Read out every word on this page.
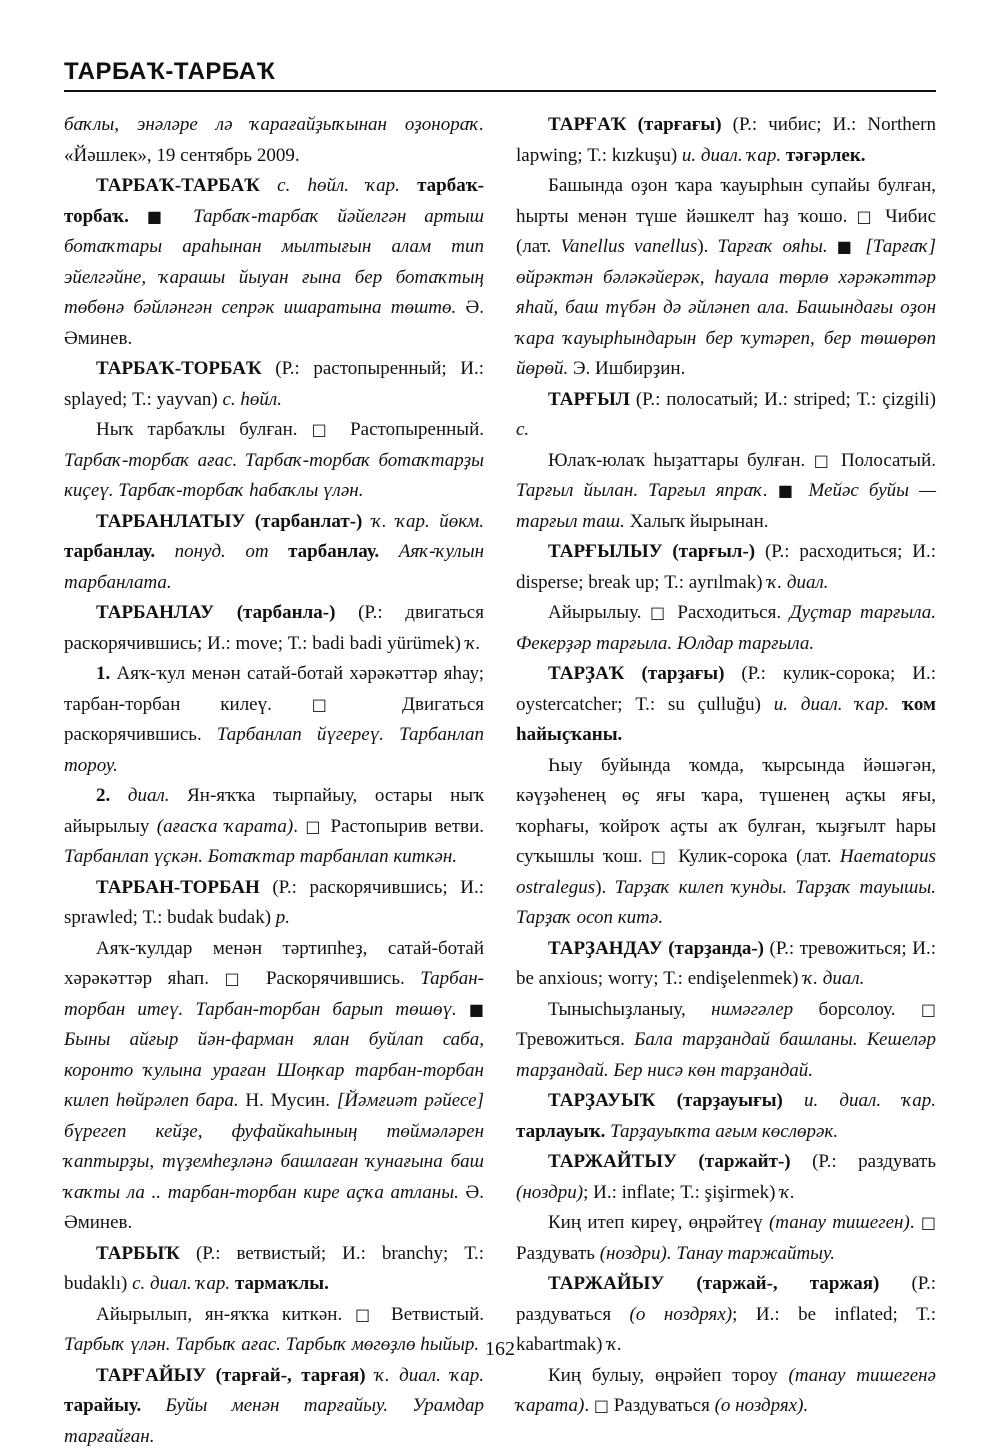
ТАРБАҠ-ТАРБАҠ

баҡлы, энәләре лә ҡарағайҙыҡынан оҙонораҡ. «Йәшлек», 19 сентябрь 2009.

ТАРБАҠ-ТАРБАҠ с. һөйл. ҡар. тарбаҡ-торбаҡ. ■ Тарбаҡ-тарбаҡ йәйелгән артыш ботаҡтары араһынан мылтығын алам тип эйелгәйне, ҡарашы йыуан ғына бер ботаҡтың төбөнә бәйләнгән сепрәк ишаратына төштө. Ә. Әминев.

ТАРБАҠ-ТОРБАҠ (Р.: растопыренный; И.: splayed; Т.: yayvan) с. һөйл.

Ныҡ тарбаҡлы булған. □ Растопыренный. Тарбаҡ-торбаҡ ағас. Тарбаҡ-торбаҡ ботаҡтарҙы киҫеү. Тарбаҡ-торбаҡ һабаҡлы үлән.

ТАРБАНЛАТЫУ (тарбанлат-) ҡ. ҡар. йөкм. тарбанлау. понуд. от тарбанлау. Аяҡ-ҡулын тарбанлата.

ТАРБАНЛАУ (тарбанла-) (Р.: двигаться раскорячившись; И.: move; Т.: badi badi yürümek) ҡ.

1. Аяҡ-ҡул менән сатай-ботай хәрәкәттәр яһау; тарбан-торбан килеү. □ Двигаться раскорячившись. Тарбанлап йүгереү. Тарбанлап тороу.

2. диал. Ян-яҡҡа тырпайыу, остары ныҡ айырылыу (ағасҡа ҡарата). □ Растопырив ветви. Тарбанлап үҫкән. Ботаҡтар тарбанлап киткән.

ТАРБАН-ТОРБАН (Р.: раскорячившись; И.: sprawled; Т.: budak budak) р.

Аяҡ-ҡулдар менән тәртипһеҙ, сатай-ботай хәрәкәттәр яһап. □ Раскорячившись. Тарбан-торбан итеү. Тарбан-торбан барып төшөү. ■ Быны айғыр йән-фарман ялан буйлап саба, коронто ҡулына ураған Шоңҡар тарбан-торбан килеп һөйрәлеп бара. Н. Мусин. [Йәмғиәт рәйесе] бүрегеп кейҙе, фуфайкаһының төймәләрен ҡаптырҙы, түҙемһеҙләнә башлаған ҡунағына баш ҡаҡты ла .. тарбан-торбан кире аҫҡа атланы. Ә. Әминев.

ТАРБЫҠ (Р.: ветвистый; И.: branchy; Т.: budaklı) с. диал. ҡар. тармаҡлы.

Айырылып, ян-яҡҡа киткән. □ Ветвистый. Тарбыҡ үлән. Тарбыҡ ағас. Тарбыҡ мөгөҙлө һыйыр.

ТАРҒАЙЫУ (тарғай-, тарғая) ҡ. диал. ҡар. тарайыу. Буйы менән тарғайыу. Урамдар тарғайған.

ТАРҒАҠ (тарғағы) (Р.: чибис; И.: Northern lapwing; Т.: kızkuşu) и. диал. ҡар. тәгәрлек.

Башында оҙон ҡара ҡауырһын супайы булған, һырты менән түше йәшкелт һаҙ ҡошо. □ Чибис (лат. Vanellus vanellus). Тарғаҡ ояһы. ■ [Тарғаҡ] өйрәктән бәләкәйерәк, һауала төрлө хәрәкәттәр яһай, баш түбән дә әйләнеп ала. Башындағы оҙон ҡара ҡауырһындарын бер ҡутәреп, бер төшөрөп йөрөй. Э. Ишбирҙин.

ТАРҒЫЛ (Р.: полосатый; И.: striped; Т.: çizgili) с.

Юлаҡ-юлаҡ һыҙаттары булған. □ Полосатый. Тарғыл йылан. Тарғыл япраҡ. ■ Мейәс буйы — тарғыл таш. Халыҡ йырынан.

ТАРҒЫЛЫУ (тарғыл-) (Р.: расходиться; И.: disperse; break up; Т.: ayrılmak) ҡ. диал.

Айырылыу. □ Расходиться. Дуҫтар тарғыла. Фекерҙәр тарғыла. Юлдар тарғыла.

ТАРҘАҠ (тарҙағы) (Р.: кулик-сорока; И.: oystercatcher; Т.: su çulluğu) и. диал. ҡар. ҡом һайыҫҡаны.

Һыу буйында ҡомда, ҡырсында йәшәгән, кәүҙәһенең өҫ яғы ҡара, түшенең аҫҡы яғы, ҡорһағы, ҡойроҡ аҫты аҡ булған, ҡыҙғылт һары суҡышлы ҡош. □ Кулик-сорока (лат. Haematopus ostralegus). Тарҙаҡ килеп ҡунды. Тарҙаҡ тауышы. Тарҙаҡ осоп китә.

ТАРҘАНДАУ (тарҙанда-) (Р.: тревожиться; И.: be anxious; worry; Т.: endişelenmek) ҡ. диал.

Тынысһыҙланыу, нимәгәлер борсолоу. □ Тревожиться. Бала тарҙандай башланы. Кешеләр тарҙандай. Бер нисә көн тарҙандай.

ТАРҘАУЫҠ (тарҙауығы) и. диал. ҡар. тарлауыҡ. Тарҙауыҡта ағым көслөрәк.

ТАРЖАЙТЫУ (таржайт-) (Р.: раздувать (ноздри); И.: inflate; Т.: şişirmek) ҡ.

Киң итеп киреү, өңрәйтеү (танау тишеген). □ Раздувать (ноздри). Танау таржайтыу.

ТАРЖАЙЫУ (таржай-, таржая) (Р.: раздуваться (о ноздрях); И.: be inflated; Т.: kabartmak) ҡ.

Киң булыу, өңрәйеп тороу (танау тишегенә ҡарата). □ Раздуваться (о ноздрях).

162
